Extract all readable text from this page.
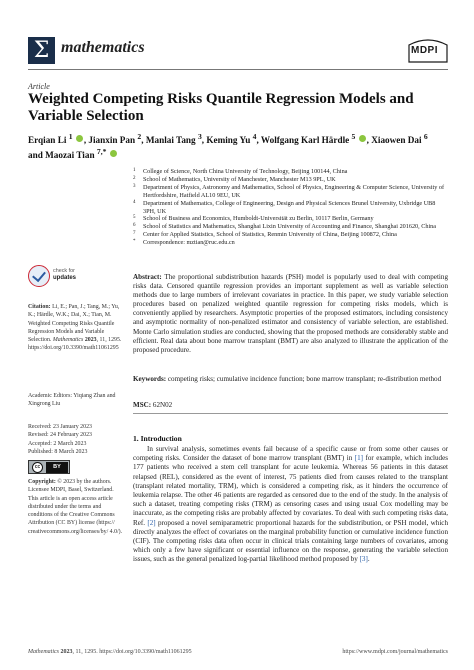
Σ mathematics	MDPI
Article
Weighted Competing Risks Quantile Regression Models and Variable Selection
Erqian Li $^1$ , Jianxin Pan $^2$, Manlai Tang $^3$, Keming Yu $^4$, Wolfgang Karl Härdle $^5$ , Xiaowen Dai $^6$
and Maozai Tian $^{7,*}$
1 College of Science, North China University of Technology, Beijing 100144, China
2 School of Mathematics, University of Manchester, Manchester M13 9PL, UK
3 Department of Physics, Astronomy and Mathematics, School of Physics, Engineering & Computer Science, University of Hertfordshire, Hatfield AL10 9EU, UK
4 Department of Mathematics, College of Engineering, Design and Physical Sciences Brunel University, Uxbridge UB8 3PH, UK
5 School of Business and Economics, Humboldt-Universität zu Berlin, 10117 Berlin, Germany
6 School of Statistics and Mathematics, Shanghai Lixin University of Accounting and Finance, Shanghai 201620, China
7 Center for Applied Statistics, School of Statistics, Renmin University of China, Beijing 100872, China
* Correspondence: mztian@ruc.edu.cn
Abstract: The proportional subdistribution hazards (PSH) model is popularly used to deal with competing risks data. Censored quantile regression provides an important supplement as well as variable selection methods due to large numbers of irrelevant covariates in practice. In this paper, we study variable selection procedures based on penalized weighted quantile regression for competing risks models, which is conveniently applied by researchers. Asymptotic properties of the proposed estimators, including consistency and asymptotic normality of non-penalized estimator and consistency of variable selection, are established. Monte Carlo simulation studies are conducted, showing that the proposed methods are considerably stable and efficient. Real data about bone marrow transplant (BMT) are also analyzed to illustrate the application of the proposed procedure.
Keywords: competing risks; cumulative incidence function; bone marrow transplant; re-distribution method
MSC: 62N02
1. Introduction
In survival analysis, sometimes events fail because of a specific cause or from some other causes or competing risks. Consider the dataset of bone marrow transplant (BMT) in [1] for example, which includes 177 patients who received a stem cell transplant for acute leukemia. Whereas 56 patients in this dataset relapsed (REL), considered as the event of interest, 75 patients died from causes related to the transplant (transplant related mortality, TRM), which is considered a competing risk, as it hinders the occurrence of leukemia relapse. The other 46 patients are regarded as censored due to the end of the study. In the analysis of such a dataset, treating competing risks (TRM) as censoring cases and using usual Cox modelling may be inaccurate, as the competing risks are probably affected by covariates. To deal with such competing risks data, Ref. [2] proposed a novel semiparametric proportional hazards for the subdistribution, or PSH model, which directly analyzes the effect of covariates on the marginal probability function or cumulative incidence function (CIF). The competing risks data often occur in clinical trials containing large numbers of covariates, among which only a few have significant or essential influence on the response, generating the variable selection issues, such as the general penalized log-partial likelihood method proposed by [3].
check for
updates
Citation: Li, E.; Pan, J.; Tang, M.; Yu, K.; Härdle, W.K.; Dai, X.; Tian, M. Weighted Competing Risks Quantile Regression Models and Variable Selection. Mathematics 2023, 11, 1295. https://doi.org/10.3390/math11061295
Academic Editors: Yiqiang Zhan and Xingrong Liu
Received: 23 January 2023
Revised: 24 February 2023
Accepted: 2 March 2023
Published: 8 March 2023
cc	BY
Copyright: © 2023 by the authors. Licensee MDPI, Basel, Switzerland. This article is an open access article distributed under the terms and conditions of the Creative Commons Attribution (CC BY) license (https:// creativecommons.org/licenses/by/ 4.0/).
Mathematics 2023, 11, 1295. https://doi.org/10.3390/math11061295	https://www.mdpi.com/journal/mathematics
